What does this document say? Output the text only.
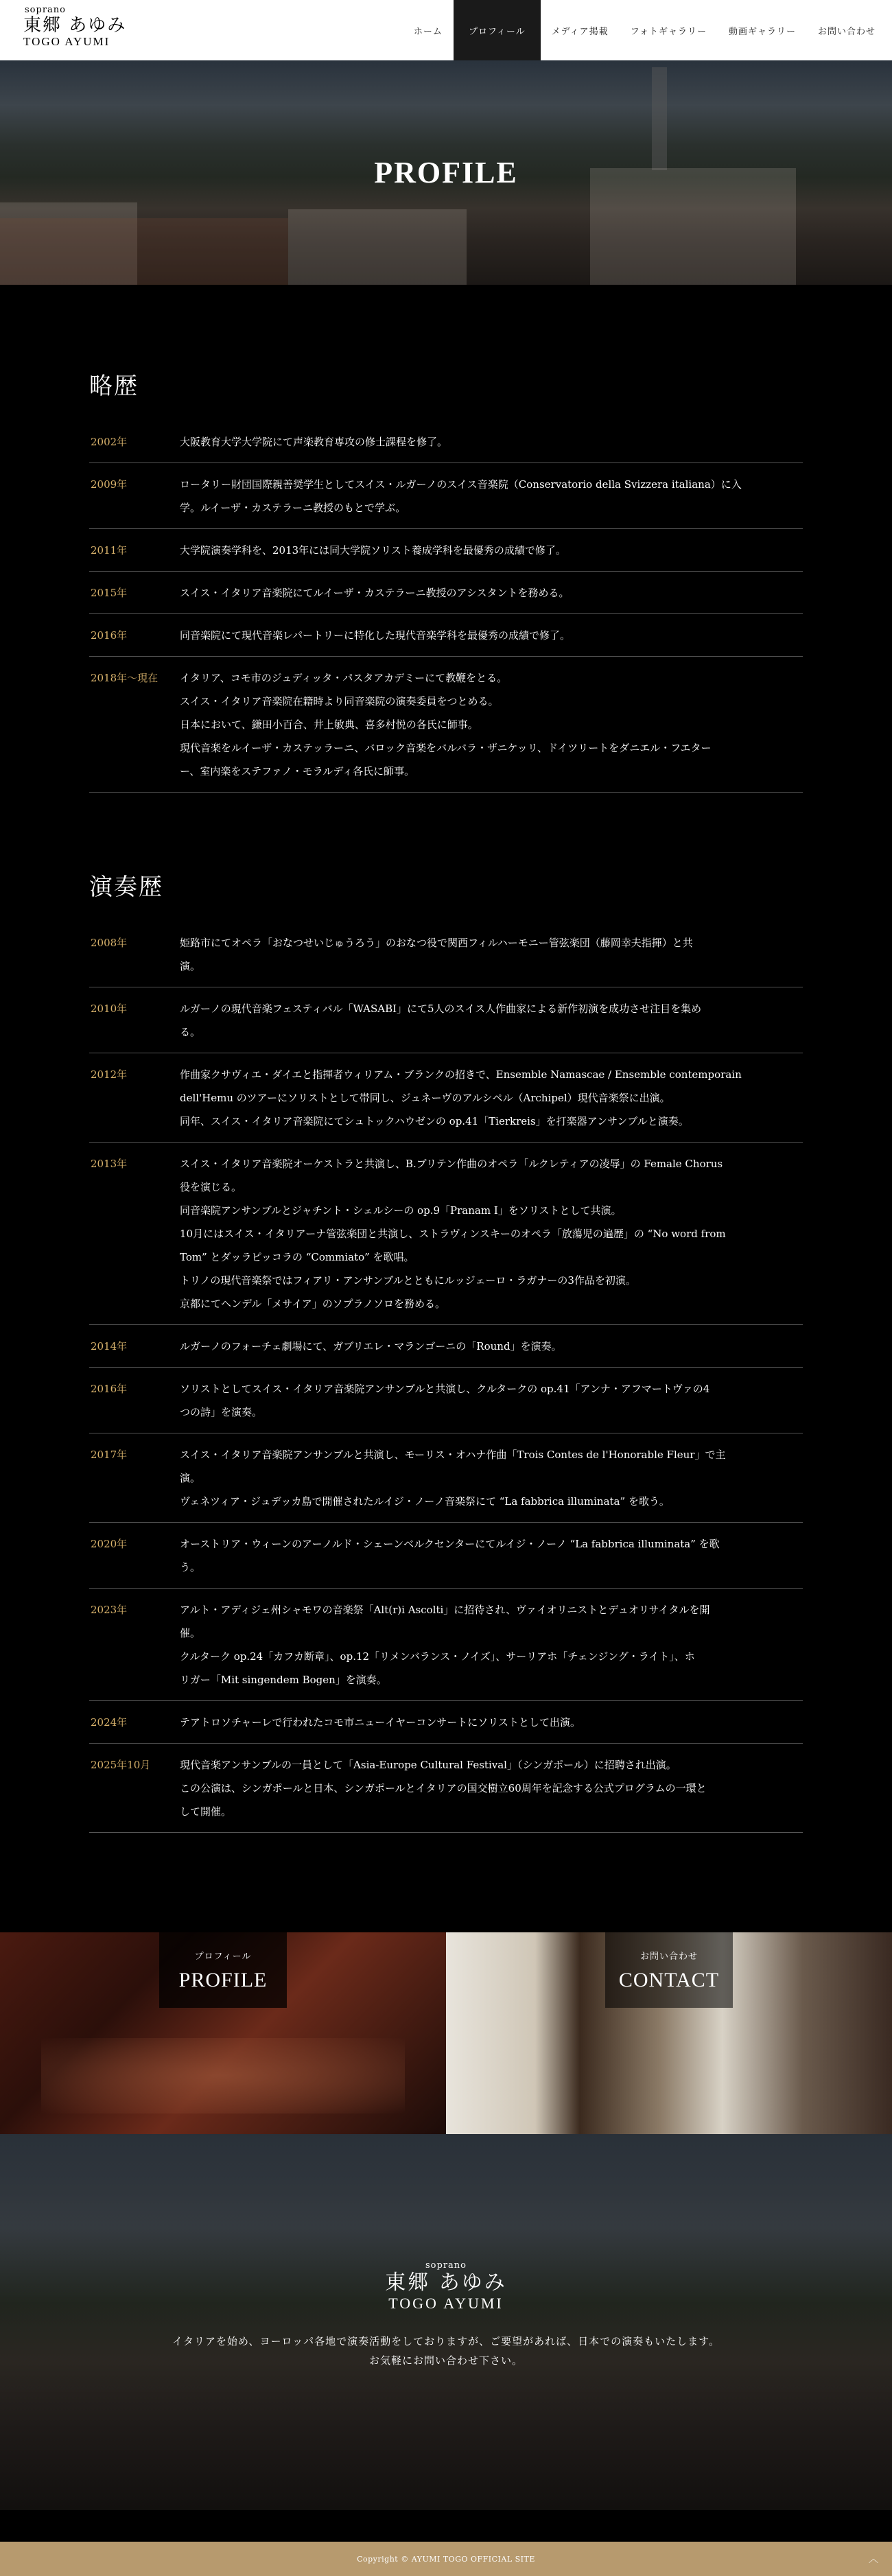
soprano
東郷 あゆみ
TOGO AYUMI
ホーム	プロフィール	メディア掲載	フォトギャラリー	動画ギャラリー	お問い合わせ
PROFILE
略歴
2002年	大阪教育大学大学院にて声楽教育専攻の修士課程を修了。

2009年	ロータリー財団国際親善奨学生としてスイス・ルガーノのスイス音楽院（Conservatorio della Svizzera italiana）に入

学。ルイーザ・カステラーニ教授のもとで学ぶ。

2011年	大学院演奏学科を、2013年には同大学院ソリスト養成学科を最優秀の成績で修了。

2015年	スイス・イタリア音楽院にてルイーザ・カステラーニ教授のアシスタントを務める。

2016年	同音楽院にて現代音楽レパートリーに特化した現代音楽学科を最優秀の成績で修了。

2018年～現在	イタリア、コモ市のジュディッタ・パスタアカデミーにて教鞭をとる。

スイス・イタリア音楽院在籍時より同音楽院の演奏委員をつとめる。

日本において、鎌田小百合、井上敏典、喜多村悦の各氏に師事。

現代音楽をルイーザ・カステッラーニ、バロック音楽をバルバラ・ザニケッリ、ドイツリートをダニエル・フエター

ー、室内楽をステファノ・モラルディ各氏に師事。

演奏歴
2008年	姫路市にてオペラ「おなつせいじゅうろう」のおなつ役で関西フィルハーモニー管弦楽団（藤岡幸夫指揮）と共

演。

2010年	ルガーノの現代音楽フェスティバル「WASABI」にて5人のスイス人作曲家による新作初演を成功させ注目を集め

る。

2012年	作曲家クサヴィエ・ダイエと指揮者ウィリアム・ブランクの招きで、Ensemble Namascae / Ensemble contemporain

dell'Hemu のツアーにソリストとして帯同し、ジュネーヴのアルシペル（Archipel）現代音楽祭に出演。

同年、スイス・イタリア音楽院にてシュトックハウゼンの op.41「Tierkreis」を打楽器アンサンブルと演奏。

2013年	スイス・イタリア音楽院オーケストラと共演し、B.ブリテン作曲のオペラ「ルクレティアの凌辱」の Female Chorus

役を演じる。

同音楽院アンサンブルとジャチント・シェルシーの op.9「Pranam I」をソリストとして共演。

10月にはスイス・イタリアーナ管弦楽団と共演し、ストラヴィンスキーのオペラ「放蕩児の遍歴」の “No word from

Tom” とダッラピッコラの “Commiato” を歌唱。

トリノの現代音楽祭ではフィアリ・アンサンブルとともにルッジェーロ・ラガナーの3作品を初演。

京都にてヘンデル「メサイア」のソプラノソロを務める。

2014年	ルガーノのフォーチェ劇場にて、ガブリエレ・マランゴーニの「Round」を演奏。

2016年	ソリストとしてスイス・イタリア音楽院アンサンブルと共演し、クルタークの op.41「アンナ・アフマートヴァの4

つの詩」を演奏。

2017年	スイス・イタリア音楽院アンサンブルと共演し、モーリス・オハナ作曲「Trois Contes de l'Honorable Fleur」で主

演。

ヴェネツィア・ジュデッカ島で開催されたルイジ・ノーノ音楽祭にて “La fabbrica illuminata” を歌う。

2020年	オーストリア・ウィーンのアーノルド・シェーンベルクセンターにてルイジ・ノーノ “La fabbrica illuminata” を歌

う。

2023年	アルト・アディジェ州シャモワの音楽祭「Alt(r)i Ascolti」に招待され、ヴァイオリニストとデュオリサイタルを開

催。

クルターク op.24「カフカ断章」、op.12「リメンバランス・ノイズ」、サーリアホ「チェンジング・ライト」、ホ

リガー「Mit singendem Bogen」を演奏。

2024年	テアトロソチャーレで行われたコモ市ニューイヤーコンサートにソリストとして出演。

2025年10月	現代音楽アンサンブルの一員として「Asia-Europe Cultural Festival」（シンガポール）に招聘され出演。

この公演は、シンガポールと日本、シンガポールとイタリアの国交樹立60周年を記念する公式プログラムの一環と

して開催。

プロフィール
PROFILE
お問い合わせ
CONTACT
soprano
東郷 あゆみ
TOGO AYUMI
イタリアを始め、ヨーロッパ各地で演奏活動をしておりますが、ご要望があれば、日本での演奏もいたします。
お気軽にお問い合わせ下さい。
Copyright © AYUMI TOGO OFFICIAL SITE	︿
